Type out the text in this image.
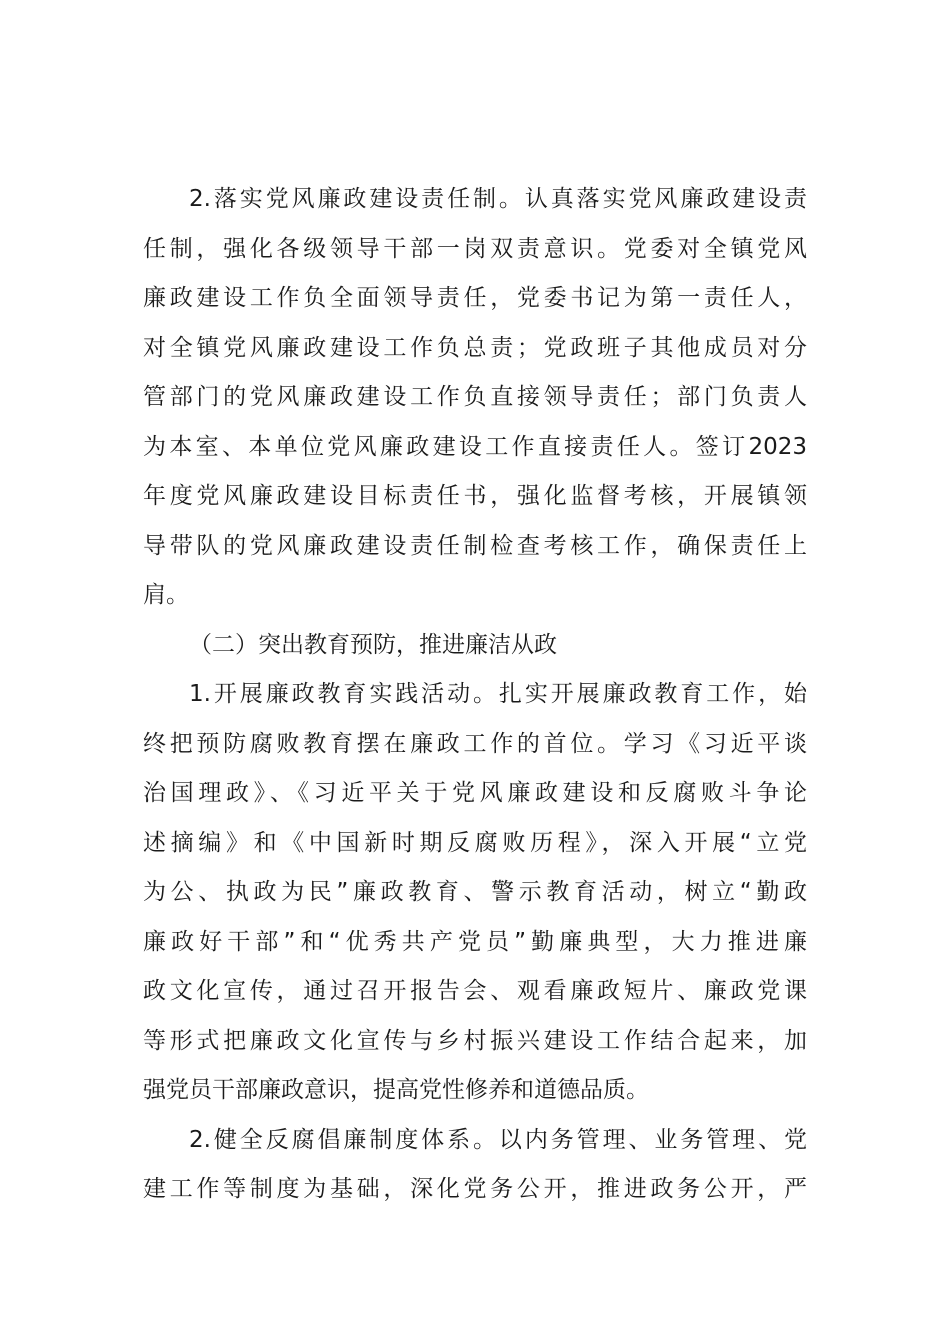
2.落实党风廉政建设责任制。认真落实党风廉政建设责
任制，强化各级领导干部一岗双责意识。党委对全镇党风
廉政建设工作负全面领导责任，党委书记为第一责任人，
对全镇党风廉政建设工作负总责；党政班子其他成员对分
管部门的党风廉政建设工作负直接领导责任；部门负责人
为本室、本单位党风廉政建设工作直接责任人。签订2023
年度党风廉政建设目标责任书，强化监督考核，开展镇领
导带队的党风廉政建设责任制检查考核工作，确保责任上
肩。
（二）突出教育预防，推进廉洁从政
1.开展廉政教育实践活动。扎实开展廉政教育工作，始
终把预防腐败教育摆在廉政工作的首位。学习《习近平谈
治国理政》、《习近平关于党风廉政建设和反腐败斗争论
述摘编》和《中国新时期反腐败历程》，深入开展“立党
为公、执政为民”廉政教育、警示教育活动，树立“勤政
廉政好干部”和“优秀共产党员”勤廉典型，大力推进廉
政文化宣传，通过召开报告会、观看廉政短片、廉政党课
等形式把廉政文化宣传与乡村振兴建设工作结合起来，加
强党员干部廉政意识，提高党性修养和道德品质。
2.健全反腐倡廉制度体系。以内务管理、业务管理、党
建工作等制度为基础，深化党务公开，推进政务公开，严
